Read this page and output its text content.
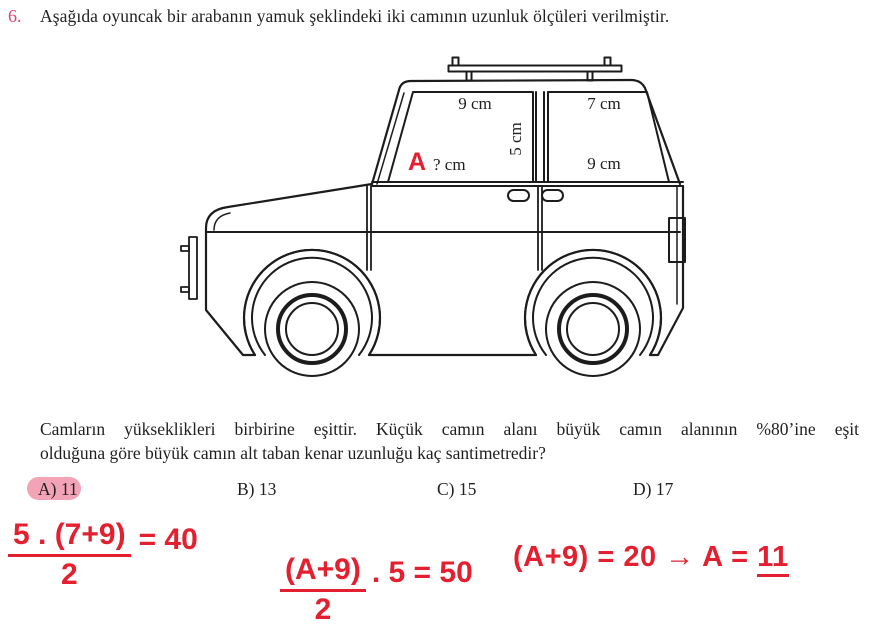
6. Aşağıda oyuncak bir arabanın yamuk şeklindeki iki camının uzunluk ölçüleri verilmiştir.
9 cm	7 cm
9 cm
5 cm
A ? cm
Camların yükseklikleri birbirine eşittir. Küçük camın alanı büyük camın alanının %80’ine eşit
olduğuna göre büyük camın alt taban kenar uzunluğu kaç santimetredir?
A) 11	B) 13	C) 15	D) 17
$\frac{5 . (7+9)}{2} = 40$
$\frac{(A+9)}{2}$ . 5 = 50 (A+9) = 20 → A = 11
